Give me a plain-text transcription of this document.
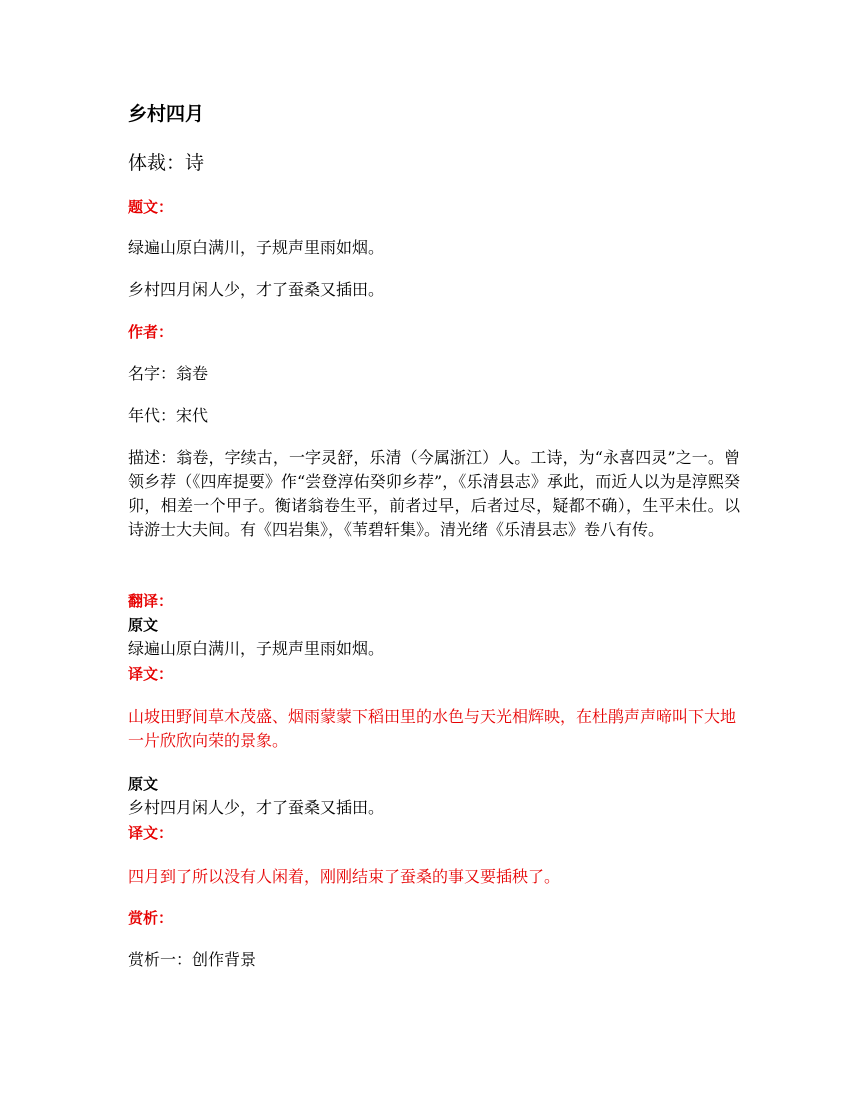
乡村四月
体裁：诗
题文：
绿遍山原白满川，子规声里雨如烟。
乡村四月闲人少，才了蚕桑又插田。
作者：
名字：翁卷
年代：宋代
描述：翁卷，字续古，一字灵舒，乐清（今属浙江）人。工诗，为“永喜四灵”之一。曾领乡荐（《四库提要》作“尝登淳佑癸卯乡荐”，《乐清县志》承此，而近人以为是淳熙癸卯，相差一个甲子。衡诸翁卷生平，前者过早，后者过尽，疑都不确），生平未仕。以诗游士大夫间。有《四岩集》，《苇碧轩集》。清光绪《乐清县志》卷八有传。
翻译：
原文
绿遍山原白满川，子规声里雨如烟。
译文：
山坡田野间草木茂盛、烟雨蒙蒙下稻田里的水色与天光相辉映，在杜鹃声声啼叫下大地一片欣欣向荣的景象。
原文
乡村四月闲人少，才了蚕桑又插田。
译文：
四月到了所以没有人闲着，刚刚结束了蚕桑的事又要插秧了。
赏析：
赏析一：创作背景
